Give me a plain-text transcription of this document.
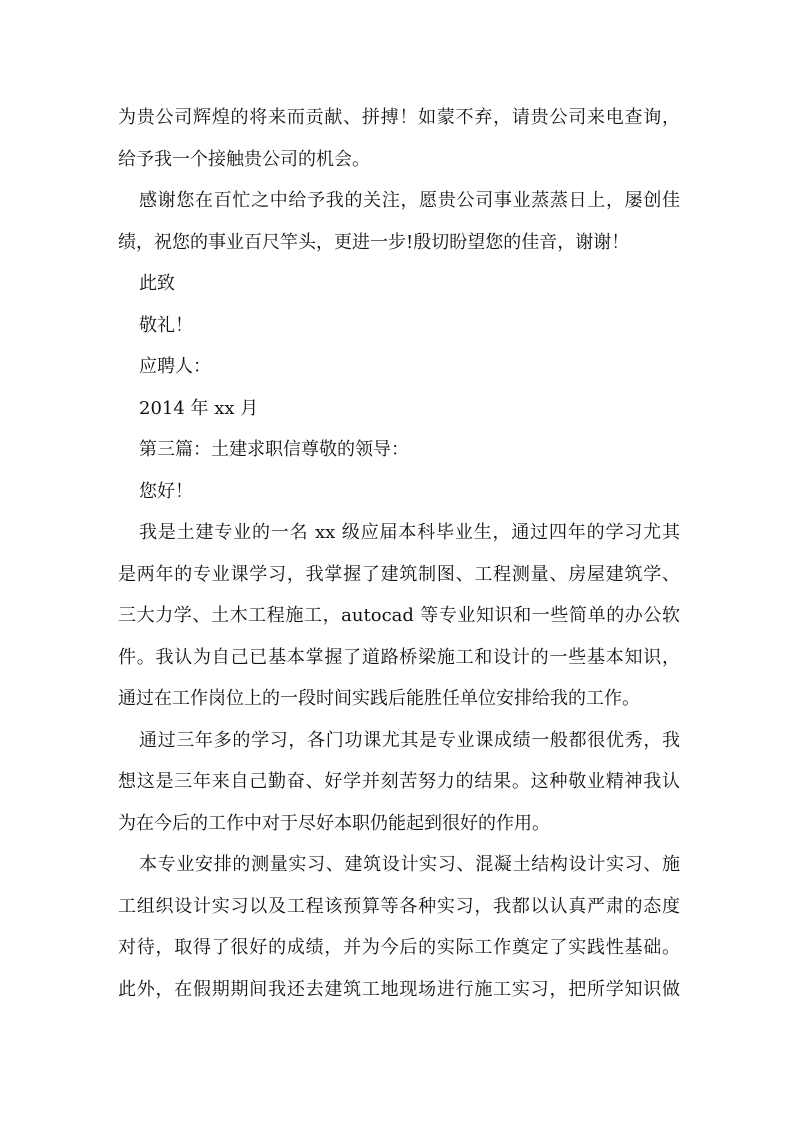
为贵公司辉煌的将来而贡献、拼搏！如蒙不弃，请贵公司来电查询，
给予我一个接触贵公司的机会。
感谢您在百忙之中给予我的关注，愿贵公司事业蒸蒸日上，屡创佳
绩，祝您的事业百尺竿头，更进一步!殷切盼望您的佳音，谢谢！
此致
敬礼！
应聘人：
2014 年 xx 月
第三篇：土建求职信尊敬的领导：
您好！
我是土建专业的一名 xx 级应届本科毕业生，通过四年的学习尤其
是两年的专业课学习，我掌握了建筑制图、工程测量、房屋建筑学、
三大力学、土木工程施工，autocad 等专业知识和一些简单的办公软
件。我认为自己已基本掌握了道路桥梁施工和设计的一些基本知识，
通过在工作岗位上的一段时间实践后能胜任单位安排给我的工作。
通过三年多的学习，各门功课尤其是专业课成绩一般都很优秀，我
想这是三年来自己勤奋、好学并刻苦努力的结果。这种敬业精神我认
为在今后的工作中对于尽好本职仍能起到很好的作用。
本专业安排的测量实习、建筑设计实习、混凝土结构设计实习、施
工组织设计实习以及工程该预算等各种实习，我都以认真严肃的态度
对待，取得了很好的成绩，并为今后的实际工作奠定了实践性基础。
此外，在假期期间我还去建筑工地现场进行施工实习，把所学知识做
